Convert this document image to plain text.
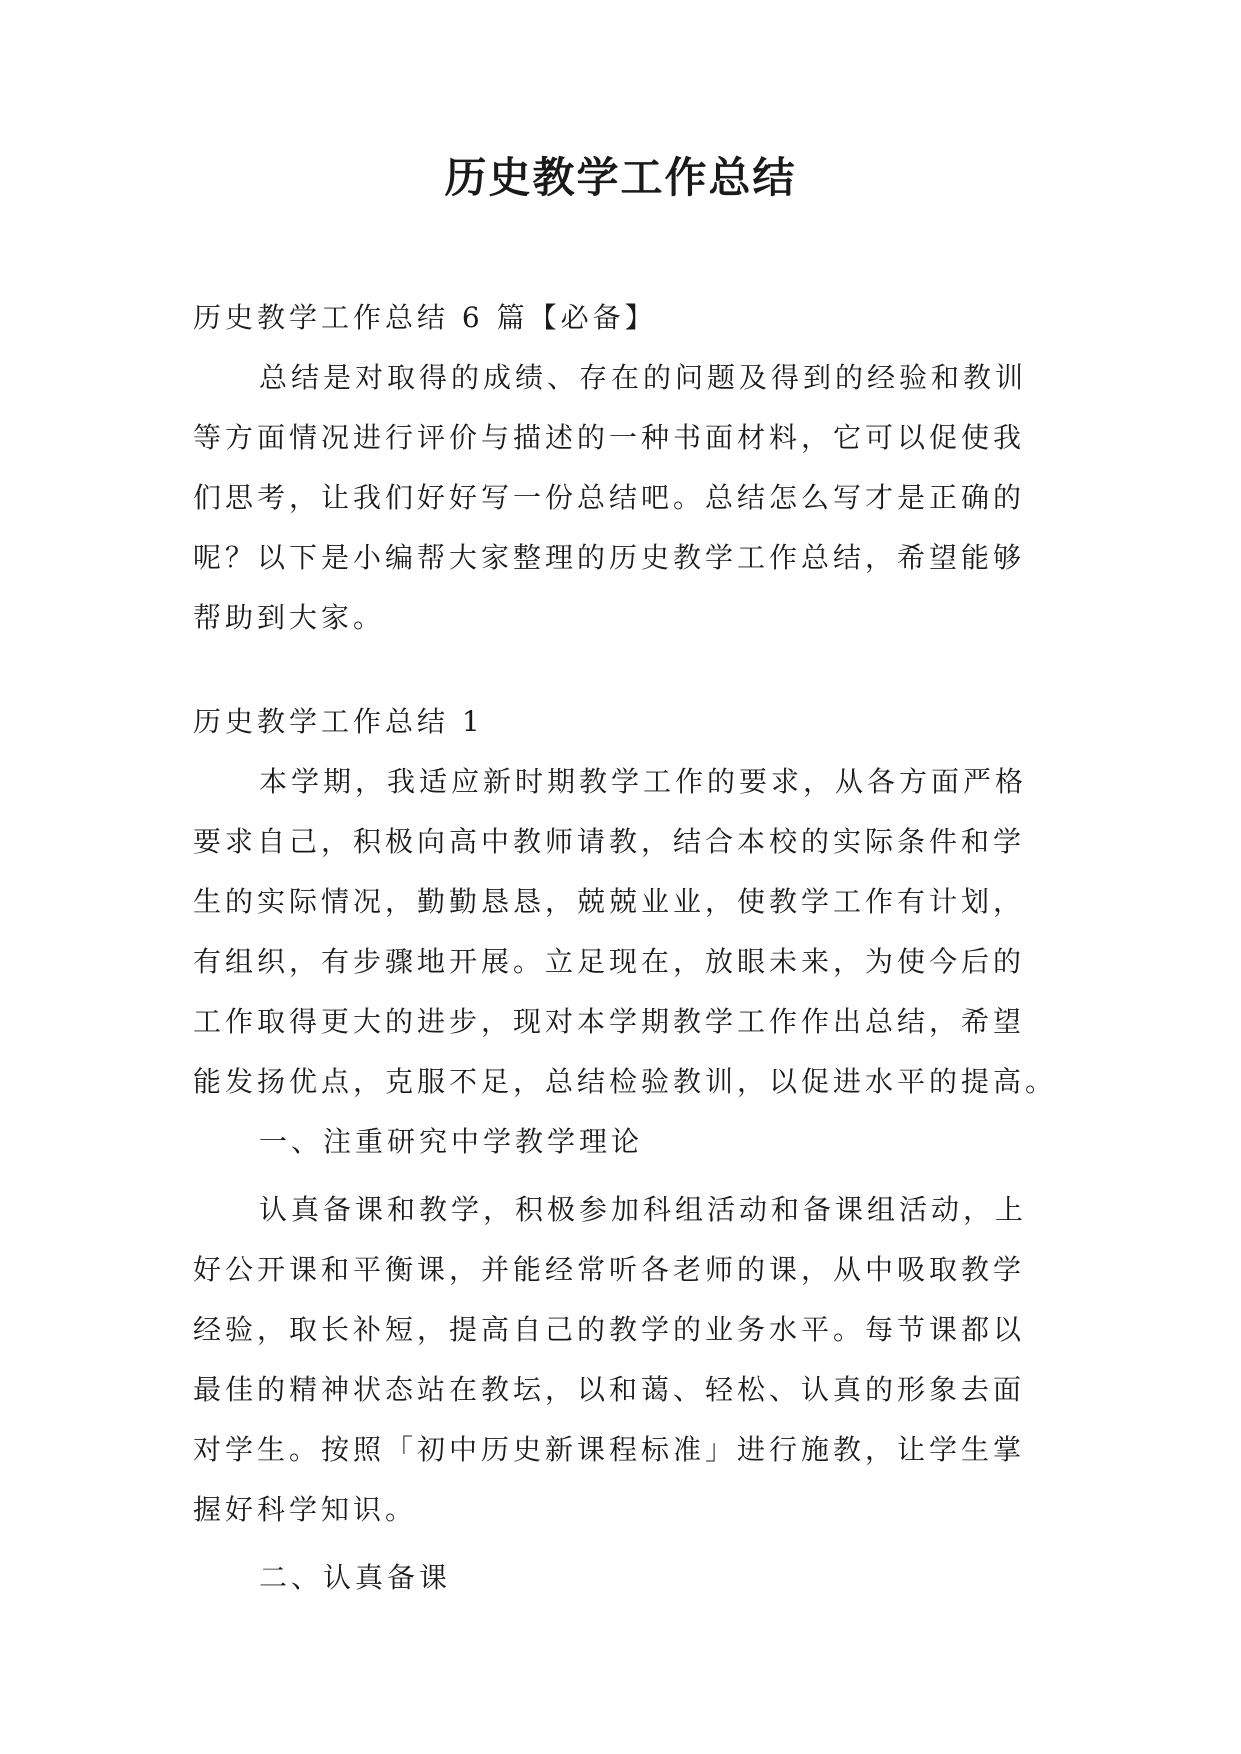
历史教学工作总结

历史教学工作总结 6 篇【必备】

总结是对取得的成绩、存在的问题及得到的经验和教训

等方面情况进行评价与描述的一种书面材料，它可以促使我

们思考，让我们好好写一份总结吧。总结怎么写才是正确的

呢？以下是小编帮大家整理的历史教学工作总结，希望能够

帮助到大家。

历史教学工作总结 1

本学期，我适应新时期教学工作的要求，从各方面严格

要求自己，积极向高中教师请教，结合本校的实际条件和学

生的实际情况，勤勤恳恳，兢兢业业，使教学工作有计划，

有组织，有步骤地开展。立足现在，放眼未来，为使今后的

工作取得更大的进步，现对本学期教学工作作出总结，希望

能发扬优点，克服不足，总结检验教训，以促进水平的提高。

一、注重研究中学教学理论

认真备课和教学，积极参加科组活动和备课组活动，上

好公开课和平衡课，并能经常听各老师的课，从中吸取教学

经验，取长补短，提高自己的教学的业务水平。每节课都以

最佳的精神状态站在教坛，以和蔼、轻松、认真的形象去面

对学生。按照「初中历史新课程标准」进行施教，让学生掌

握好科学知识。

二、认真备课
